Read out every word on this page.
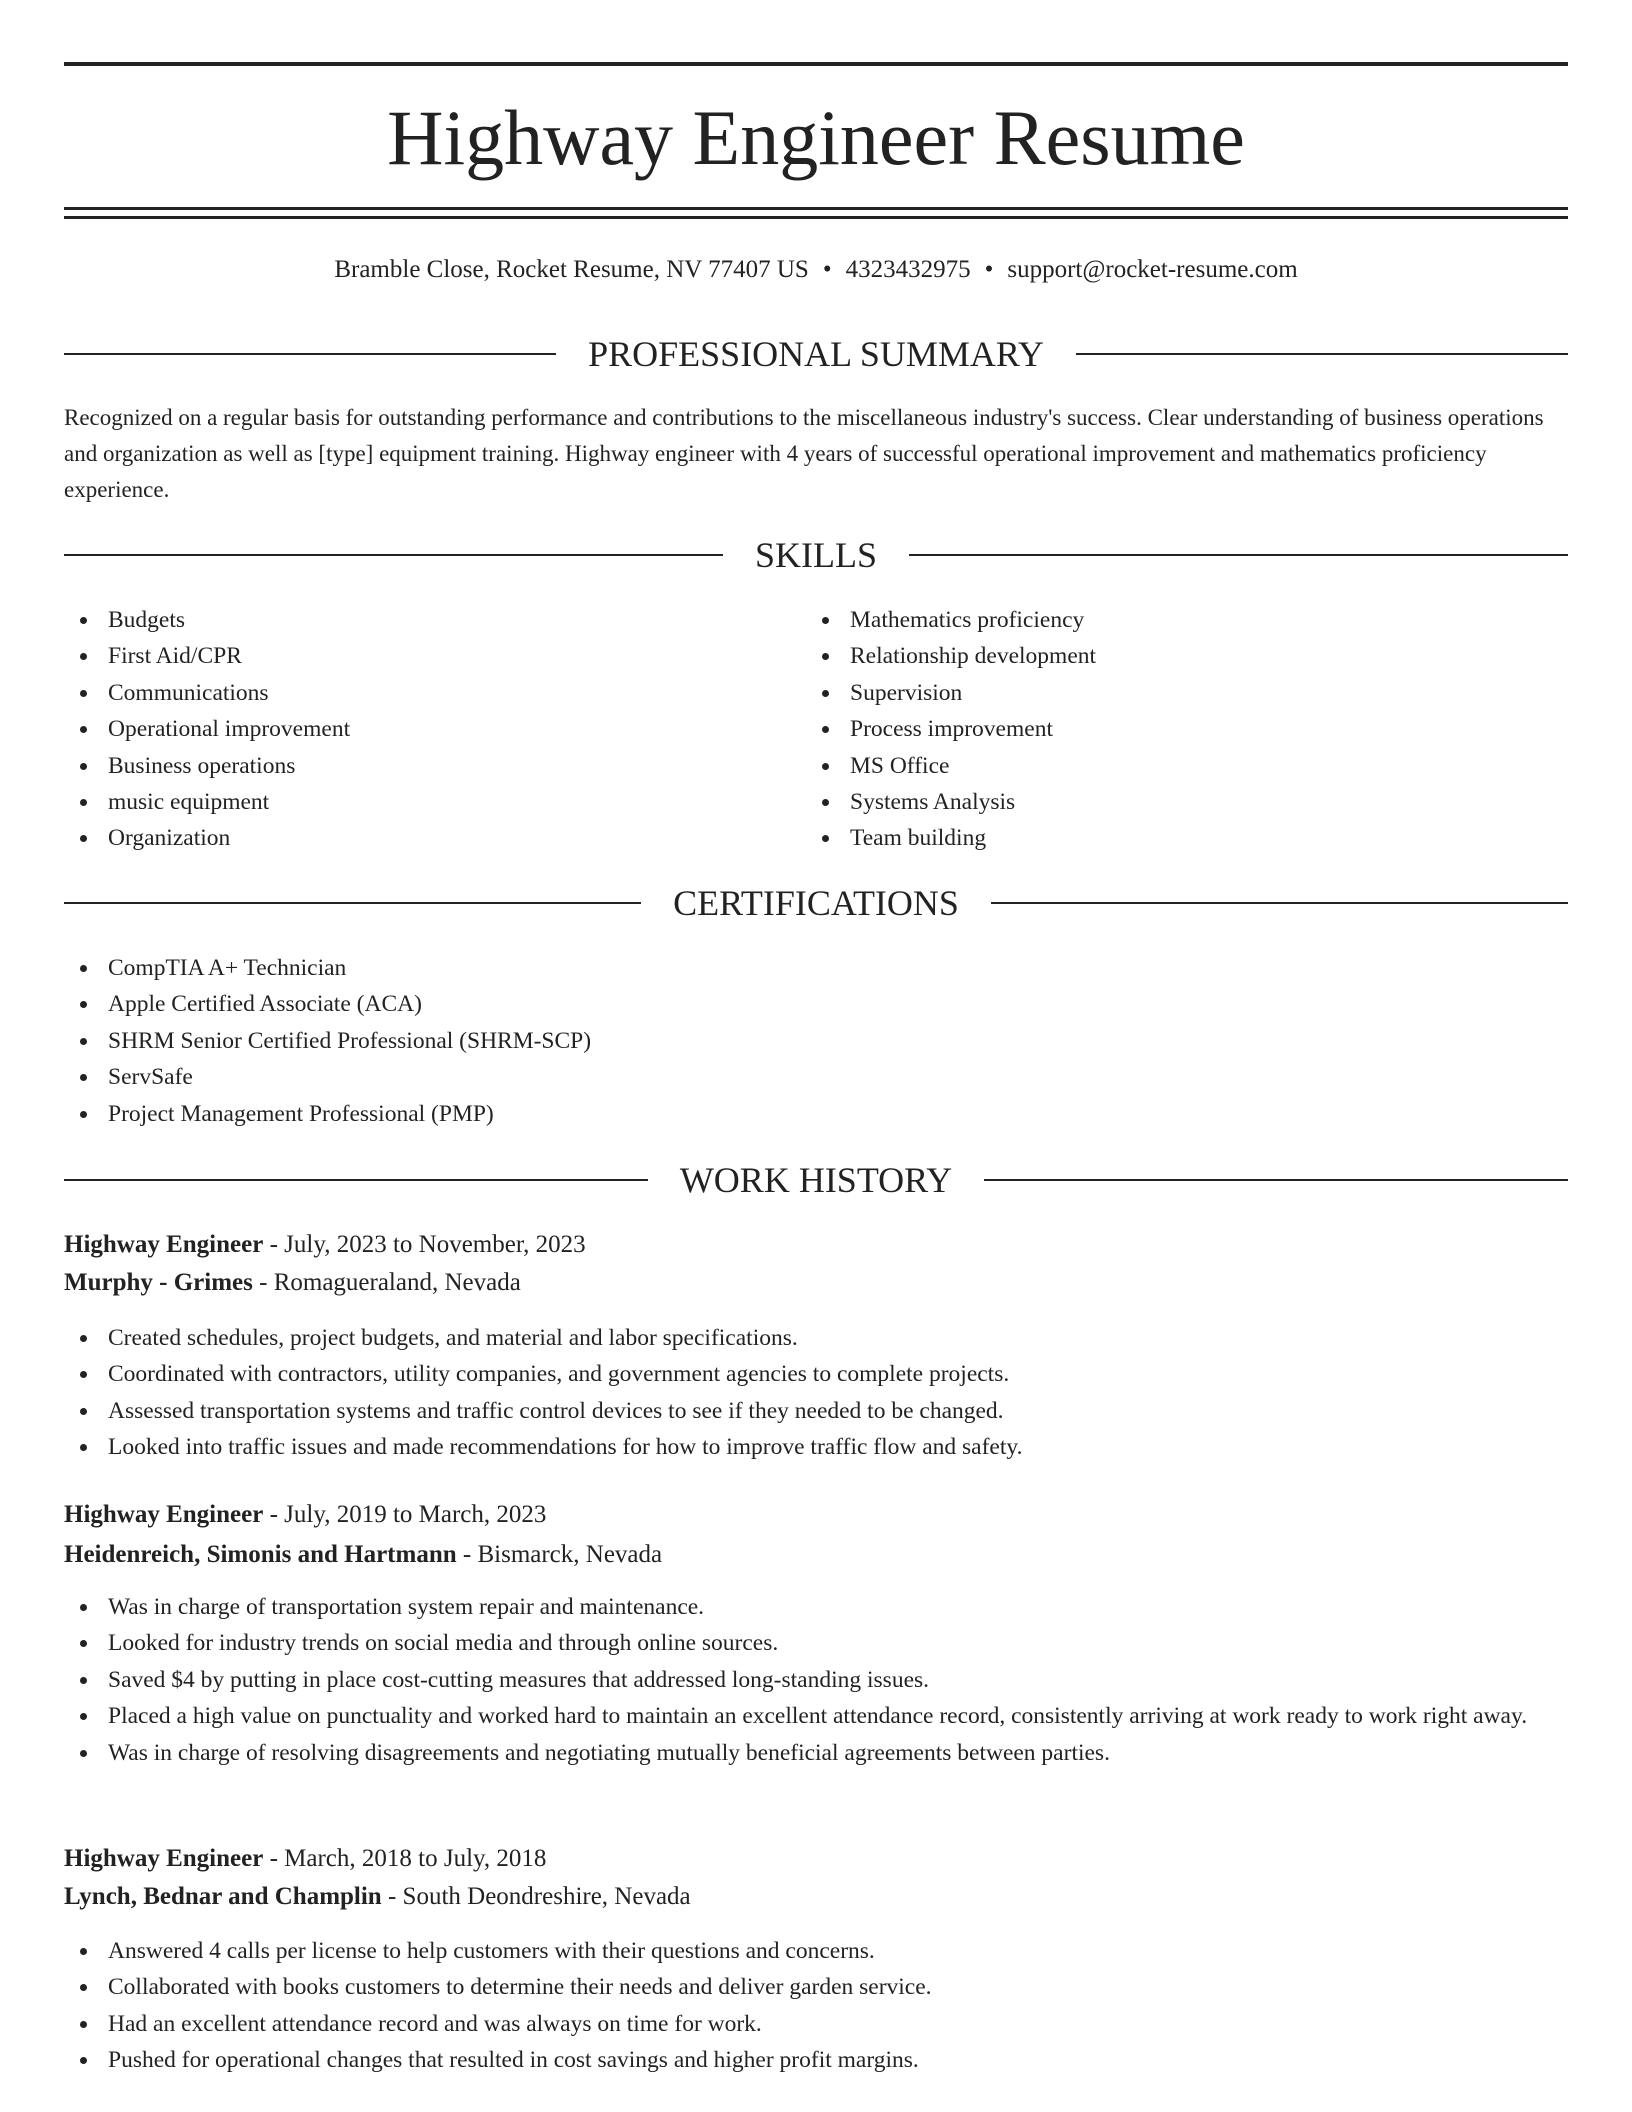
Highway Engineer Resume
Bramble Close, Rocket Resume, NV 77407 US • 4323432975 • support@rocket-resume.com
PROFESSIONAL SUMMARY

Recognized on a regular basis for outstanding performance and contributions to the miscellaneous industry's success. Clear understanding of business operations and organization as well as [type] equipment training. Highway engineer with 4 years of successful operational improvement and mathematics proficiency experience.

SKILLS
Budgets
First Aid/CPR
Communications
Operational improvement
Business operations
music equipment
Organization
Mathematics proficiency
Relationship development
Supervision
Process improvement
MS Office
Systems Analysis
Team building
CERTIFICATIONS
CompTIA A+ Technician
Apple Certified Associate (ACA)
SHRM Senior Certified Professional (SHRM-SCP)
ServSafe
Project Management Professional (PMP)
WORK HISTORY
Highway Engineer - July, 2023 to November, 2023
Murphy - Grimes - Romagueraland, Nevada
Created schedules, project budgets, and material and labor specifications.
Coordinated with contractors, utility companies, and government agencies to complete projects.
Assessed transportation systems and traffic control devices to see if they needed to be changed.
Looked into traffic issues and made recommendations for how to improve traffic flow and safety.
Highway Engineer - July, 2019 to March, 2023
Heidenreich, Simonis and Hartmann - Bismarck, Nevada
Was in charge of transportation system repair and maintenance.
Looked for industry trends on social media and through online sources.
Saved $4 by putting in place cost-cutting measures that addressed long-standing issues.
Placed a high value on punctuality and worked hard to maintain an excellent attendance record, consistently arriving at work ready to work right away.
Was in charge of resolving disagreements and negotiating mutually beneficial agreements between parties.
Highway Engineer - March, 2018 to July, 2018
Lynch, Bednar and Champlin - South Deondreshire, Nevada
Answered 4 calls per license to help customers with their questions and concerns.
Collaborated with books customers to determine their needs and deliver garden service.
Had an excellent attendance record and was always on time for work.
Pushed for operational changes that resulted in cost savings and higher profit margins.
